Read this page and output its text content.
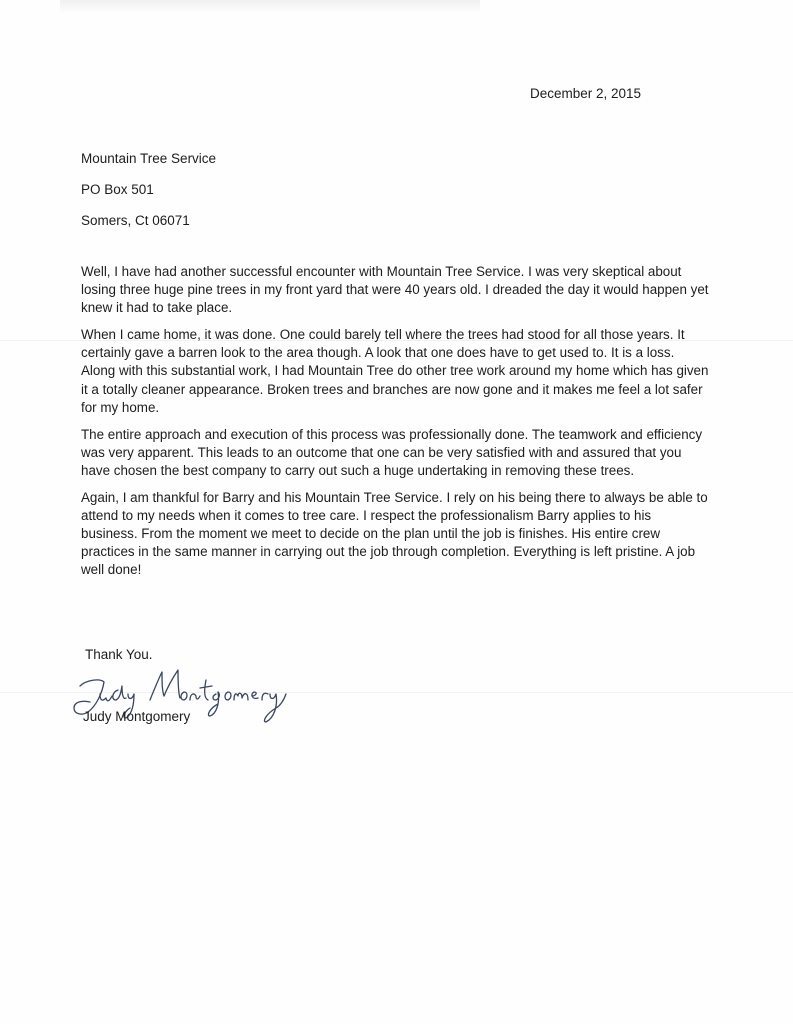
December 2, 2015
Mountain Tree Service
PO Box 501
Somers, Ct 06071

Well, I have had another successful encounter with Mountain Tree Service. I was very skeptical about losing three huge pine trees in my front yard that were 40 years old. I dreaded the day it would happen yet knew it had to take place.

When I came home, it was done. One could barely tell where the trees had stood for all those years. It certainly gave a barren look to the area though. A look that one does have to get used to. It is a loss. Along with this substantial work, I had Mountain Tree do other tree work around my home which has given it a totally cleaner appearance. Broken trees and branches are now gone and it makes me feel a lot safer for my home.

The entire approach and execution of this process was professionally done. The teamwork and efficiency was very apparent. This leads to an outcome that one can be very satisfied with and assured that you have chosen the best company to carry out such a huge undertaking in removing these trees.

Again, I am thankful for Barry and his Mountain Tree Service. I rely on his being there to always be able to attend to my needs when it comes to tree care. I respect the professionalism Barry applies to his business. From the moment we meet to decide on the plan until the job is finishes. His entire crew practices in the same manner in carrying out the job through completion. Everything is left pristine. A job well done!

Thank You.
Judy Montgomery
